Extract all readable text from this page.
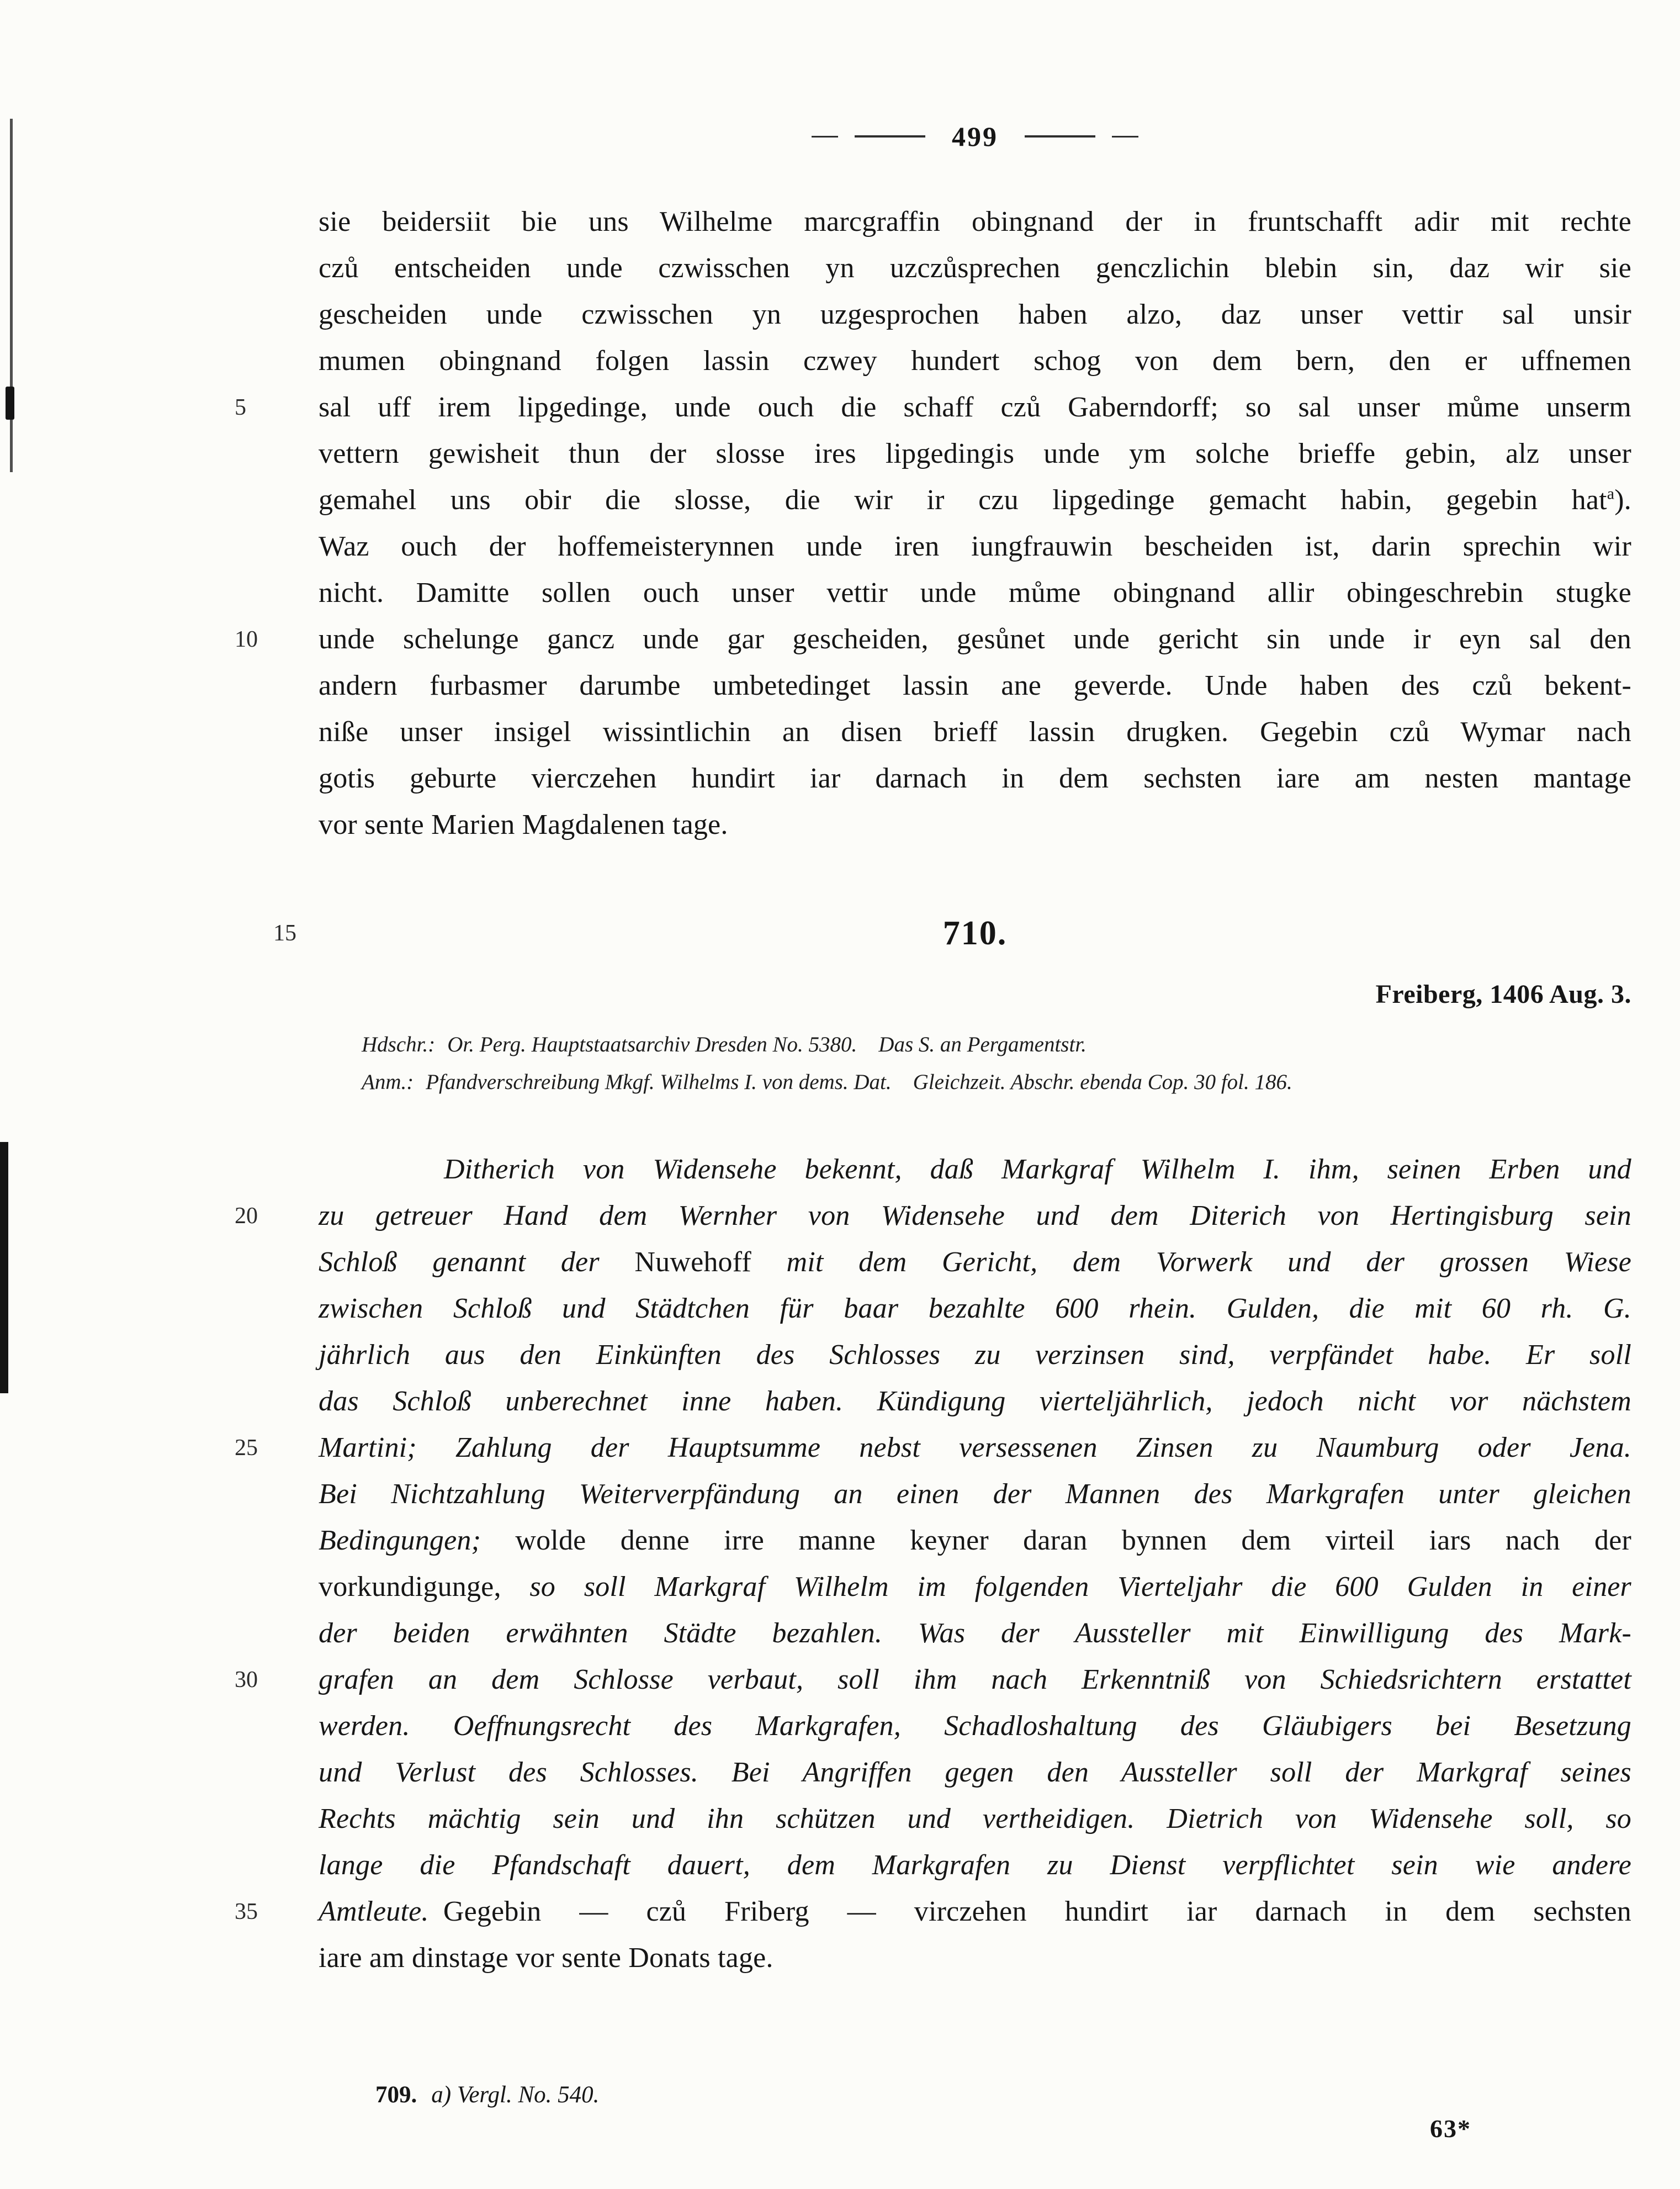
499
sie beidersiit bie uns Wilhelme marcgraffin obingnand der in fruntschafft adir mit rechte
czů entscheiden unde czwisschen yn uzczůsprechen genczlichin blebin sin, daz wir sie
gescheiden unde czwisschen yn uzgesprochen haben alzo, daz unser vettir sal unsir
mumen obingnand folgen lassin czwey hundert schog von dem bern, den er uffnemen
5	sal uff irem lipgedinge, unde ouch die schaff czů Gaberndorff; so sal unser můme unserm
vettern gewisheit thun der slosse ires lipgedingis unde ym solche brieffe gebin, alz unser
gemahel uns obir die slosse, die wir ir czu lipgedinge gemacht habin, gegebin hat$^a$).
Waz ouch der hoffemeisterynnen unde iren iungfrauwin bescheiden ist, darin sprechin wir
nicht. Damitte sollen ouch unser vettir unde můme obingnand allir obingeschrebin stugke
10	unde schelunge gancz unde gar gescheiden, gesůnet unde gericht sin unde ir eyn sal den
andern furbasmer darumbe umbetedinget lassin ane geverde. Unde haben des czů bekent-
niße unser insigel wissintlichin an disen brieff lassin drugken. Gegebin czů Wymar nach
gotis geburte vierczehen hundirt iar darnach in dem sechsten iare am nesten mantage
vor sente Marien Magdalenen tage.
15	710.
Freiberg, 1406 Aug. 3.
Hdschr.: Or. Perg. Hauptstaatsarchiv Dresden No. 5380. Das S. an Pergamentstr.
Anm.: Pfandverschreibung Mkgf. Wilhelms I. von dems. Dat. Gleichzeit. Abschr. ebenda Cop. 30 fol. 186.
Ditherich von Widensehe bekennt, daß Markgraf Wilhelm I. ihm, seinen Erben und
20	zu getreuer Hand dem Wernher von Widensehe und dem Diterich von Hertingisburg sein
Schloß genannt der Nuwehoff mit dem Gericht, dem Vorwerk und der grossen Wiese
zwischen Schloß und Städtchen für baar bezahlte 600 rhein. Gulden, die mit 60 rh. G.
jährlich aus den Einkünften des Schlosses zu verzinsen sind, verpfändet habe. Er soll
das Schloß unberechnet inne haben. Kündigung vierteljährlich, jedoch nicht vor nächstem
25	Martini; Zahlung der Hauptsumme nebst versessenen Zinsen zu Naumburg oder Jena.
Bei Nichtzahlung Weiterverpfändung an einen der Mannen des Markgrafen unter gleichen
Bedingungen; wolde denne irre manne keyner daran bynnen dem virteil iars nach der
vorkundigunge, so soll Markgraf Wilhelm im folgenden Vierteljahr die 600 Gulden in einer
der beiden erwähnten Städte bezahlen. Was der Aussteller mit Einwilligung des Mark-
30	grafen an dem Schlosse verbaut, soll ihm nach Erkenntniß von Schiedsrichtern erstattet
werden. Oeffnungsrecht des Markgrafen, Schadloshaltung des Gläubigers bei Besetzung
und Verlust des Schlosses. Bei Angriffen gegen den Aussteller soll der Markgraf seines
Rechts mächtig sein und ihn schützen und vertheidigen. Dietrich von Widensehe soll, so
lange die Pfandschaft dauert, dem Markgrafen zu Dienst verpflichtet sein wie andere
35	Amtleute. Gegebin — czů Friberg — virczehen hundirt iar darnach in dem sechsten
iare am dinstage vor sente Donats tage.
709. a) Vergl. No. 540.
63*
